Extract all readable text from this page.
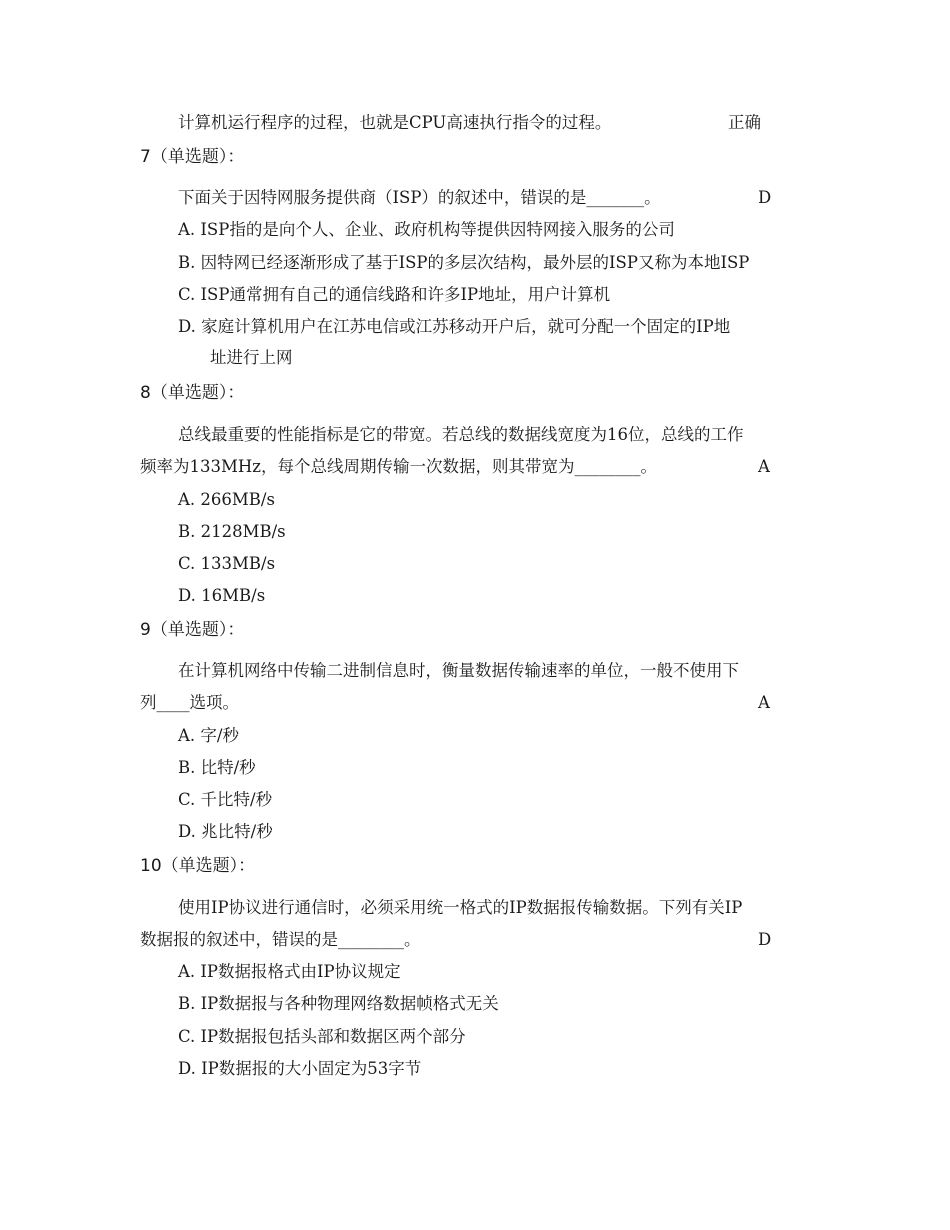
计算机运行程序的过程，也就是CPU高速执行指令的过程。	正确
7（单选题）：
下面关于因特网服务提供商（ISP）的叙述中，错误的是_______。	D
A. ISP指的是向个人、企业、政府机构等提供因特网接入服务的公司
B. 因特网已经逐渐形成了基于ISP的多层次结构，最外层的ISP又称为本地ISP
C. ISP通常拥有自己的通信线路和许多IP地址，用户计算机
D. 家庭计算机用户在江苏电信或江苏移动开户后，就可分配一个固定的IP地
址进行上网
8（单选题）：
总线最重要的性能指标是它的带宽。若总线的数据线宽度为16位，总线的工作
频率为133MHz，每个总线周期传输一次数据，则其带宽为________。	A
A. 266MB/s
B. 2128MB/s
C. 133MB/s
D. 16MB/s
9（单选题）：
在计算机网络中传输二进制信息时，衡量数据传输速率的单位，一般不使用下
列____选项。	A
A. 字/秒
B. 比特/秒
C. 千比特/秒
D. 兆比特/秒
10（单选题）：
使用IP协议进行通信时，必须采用统一格式的IP数据报传输数据。下列有关IP
数据报的叙述中，错误的是________。	D
A. IP数据报格式由IP协议规定
B. IP数据报与各种物理网络数据帧格式无关
C. IP数据报包括头部和数据区两个部分
D. IP数据报的大小固定为53字节
